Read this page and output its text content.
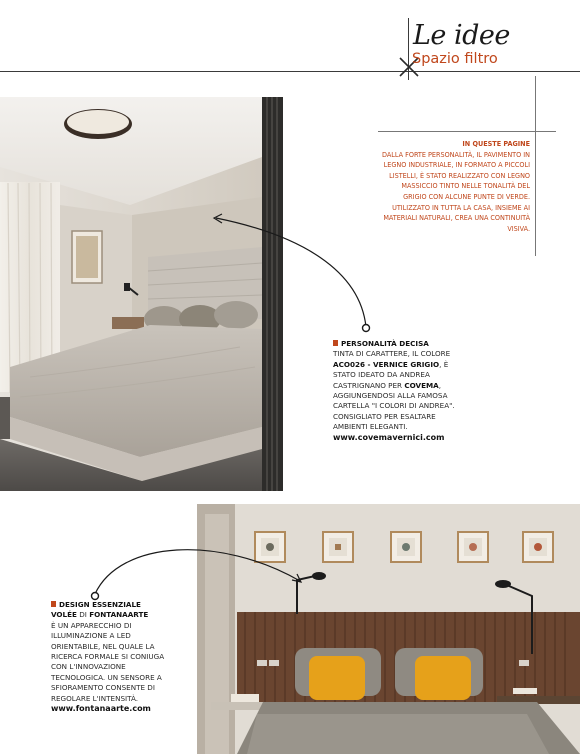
Le idee
Spazio filtro
IN QUESTE PAGINE
DALLA FORTE PERSONALITÀ, IL PAVIMENTO IN LEGNO INDUSTRIALE, IN FORMATO A PICCOLI LISTELLI, È STATO REALIZZATO CON LEGNO MASSICCIO TINTO NELLE TONALITÀ DEL GRIGIO CON ALCUNE PUNTE DI VERDE. UTILIZZATO IN TUTTA LA CASA, INSIEME AI MATERIALI NATURALI, CREA UNA CONTINUITÀ VISIVA.
PERSONALITÀ DECISA
TINTA DI CARATTERE, IL COLORE ACO026 - VERNICE GRIGIO, È STATO IDEATO DA ANDREA CASTRIGNANO PER COVEMA, AGGIUNGENDOSI ALLA FAMOSA CARTELLA "I COLORI DI ANDREA". CONSIGLIATO PER ESALTARE AMBIENTI ELEGANTI.
www.covemavernici.com
DESIGN ESSENZIALE
VOLÉE DI FONTANAARTE
È UN APPARECCHIO DI ILLUMINAZIONE A LED ORIENTABILE, NEL QUALE LA RICERCA FORMALE SI CONIUGA CON L'INNOVAZIONE TECNOLOGICA. UN SENSORE A SFIORAMENTO CONSENTE DI REGOLARE L'INTENSITÀ.
www.fontanaarte.com
